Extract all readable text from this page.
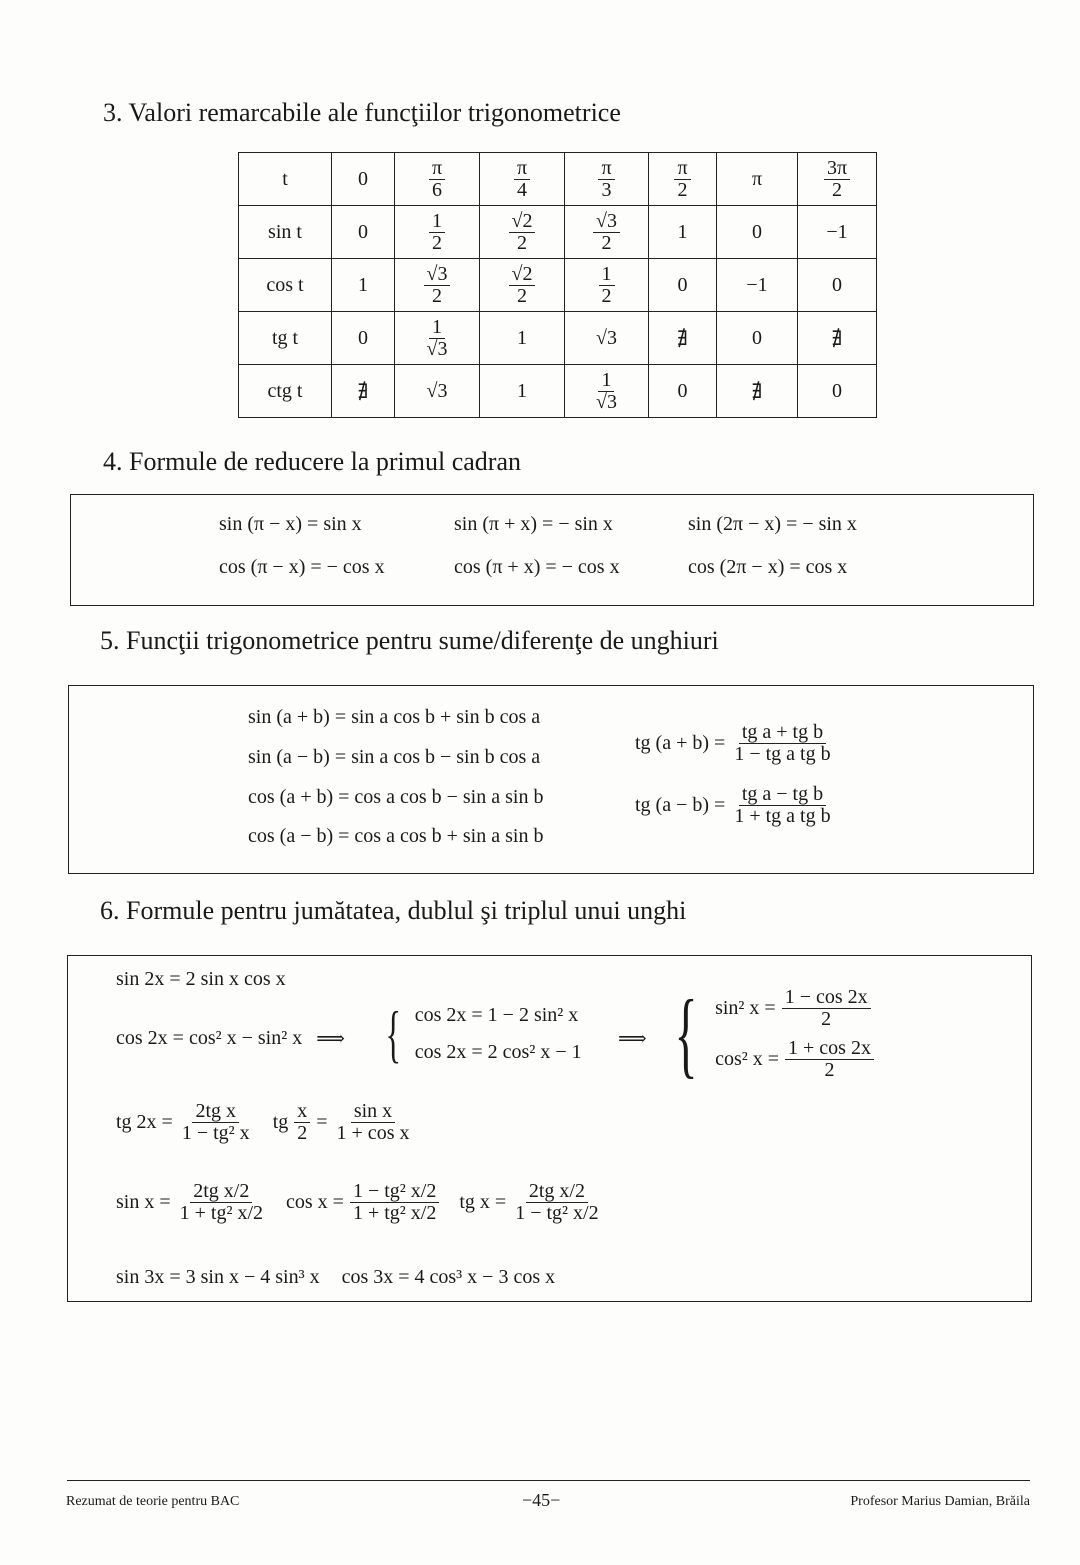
3. Valori remarcabile ale funcţiilor trigonometrice
t	0	$\frac{\pi}{6}$	$\frac{\pi}{4}$	$\frac{\pi}{3}$	$\frac{\pi}{2}$	π	$\frac{3\pi}{2}$

sin t	0	$\frac{1}{2}$	$\frac{√2}{2}$	$\frac{√3}{2}$	1	0	−1
cos t	1	$\frac{√3}{2}$	$\frac{√2}{2}$	$\frac{1}{2}$	0	−1	0
tg t	0	$\frac{1}{√3}$	1	√3	∄	0	∄
ctg t	∄	√3	1	$\frac{1}{√3}$	0	∄	0
4. Formule de reducere la primul cadran
sin (π − x) = sin x	sin (π + x) = − sin x	sin (2π − x) = − sin x
cos (π − x) = − cos x	cos (π + x) = − cos x	cos (2π − x) = cos x
5. Funcţii trigonometrice pentru sume/diferenţe de unghiuri
sin (a + b) = sin a cos b + sin b cos a
sin (a − b) = sin a cos b − sin b cos a
cos (a + b) = cos a cos b − sin a sin b
cos (a − b) = cos a cos b + sin a sin b
tg $(a + b) = \frac{\text{tg a + tg b}}{\text{1 − tg a tg b}}$
tg $(a - b) = \frac{\text{tg a − tg b}}{\text{1 + tg a tg b}}$
6. Formule pentru jumătatea, dublul şi triplul unui unghi
sin 2x = 2 sin x cos x
cos 2x = cos² x − sin² x ⟹ { cos 2x = 1 − 2 sin² x
cos 2x = 2 cos² x − 1
⟹ { sin² $x = \frac{1 - \cos 2x}{2}$
cos² $x = \frac{1 + \cos 2x}{2}$
tg $2x = \frac{\text{2tg x}}{\text{1 − tg² x}}$ tg $\frac{x}{2} = \frac{\text{sin x}}{\text{1 + cos x}}$
$\sin x = \frac{\text{2tg x/2}}{\text{1 + tg² x/2}}$ $\cos x = \frac{\text{1 − tg² x/2}}{\text{1 + tg² x/2}}$ tg $x = \frac{\text{2tg x/2}}{\text{1 − tg² x/2}}$
sin 3x = 3 sin x − 4 sin³ x cos 3x = 4 cos³ x − 3 cos x
Rezumat de teorie pentru BAC	−45−	Profesor Marius Damian, Brăila
